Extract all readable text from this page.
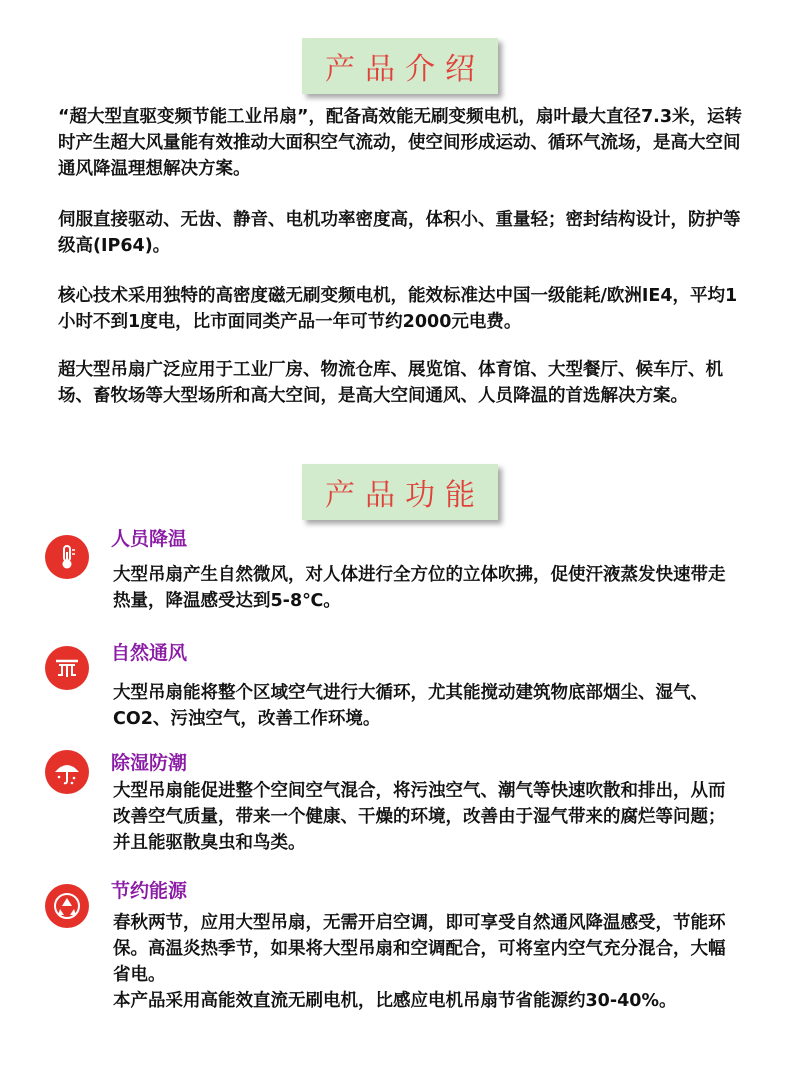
产品介绍

“超大型直驱变频节能工业吊扇”，配备高效能无刷变频电机，扇叶最大直径7.3米，运转时产生超大风量能有效推动大面积空气流动，使空间形成运动、循环气流场，是高大空间通风降温理想解决方案。

伺服直接驱动、无齿、静音、电机功率密度高，体积小、重量轻；密封结构设计，防护等级高(IP64)。

核心技术采用独特的高密度磁无刷变频电机，能效标准达中国一级能耗/欧洲IE4，平均1小时不到1度电，比市面同类产品一年可节约2000元电费。

超大型吊扇广泛应用于工业厂房、物流仓库、展览馆、体育馆、大型餐厅、候车厅、机场、畜牧场等大型场所和高大空间，是高大空间通风、人员降温的首选解决方案。

产品功能
人员降温

大型吊扇产生自然微风，对人体进行全方位的立体吹拂，促使汗液蒸发快速带走热量，降温感受达到5-8℃。

自然通风

大型吊扇能将整个区域空气进行大循环，尤其能搅动建筑物底部烟尘、湿气、CO2、污浊空气，改善工作环境。

除湿防潮

大型吊扇能促进整个空间空气混合，将污浊空气、潮气等快速吹散和排出，从而改善空气质量，带来一个健康、干燥的环境，改善由于湿气带来的腐烂等问题；并且能驱散臭虫和鸟类。

节约能源

春秋两节，应用大型吊扇，无需开启空调，即可享受自然通风降温感受，节能环保。高温炎热季节，如果将大型吊扇和空调配合，可将室内空气充分混合，大幅省电。
本产品采用高能效直流无刷电机，比感应电机吊扇节省能源约30-40%。
